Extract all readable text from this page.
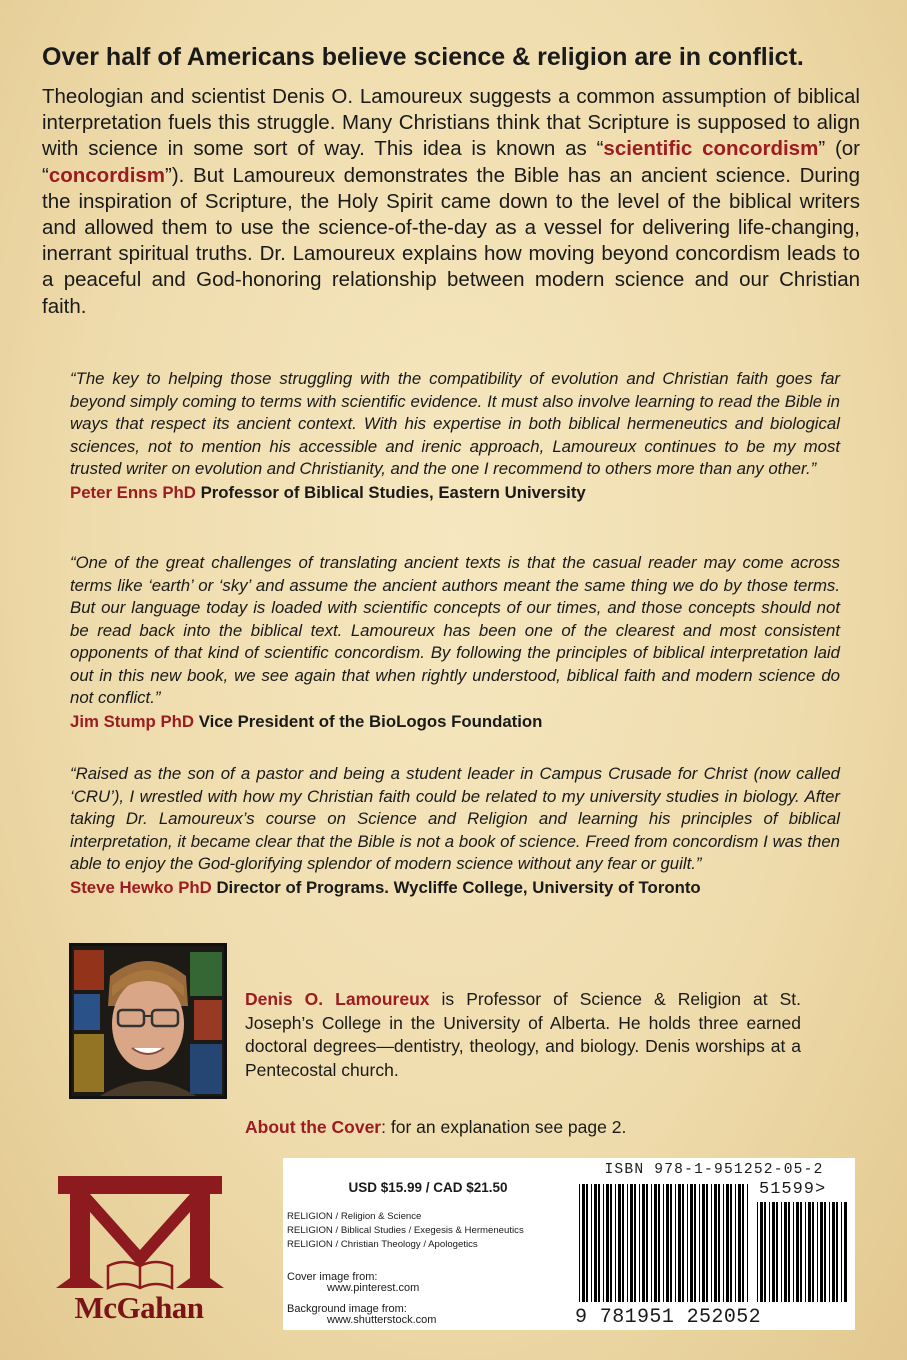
Over half of Americans believe science & religion are in conflict.

Theologian and scientist Denis O. Lamoureux suggests a common assumption of biblical interpretation fuels this struggle. Many Christians think that Scripture is supposed to align with science in some sort of way. This idea is known as “scientific concordism” (or “concordism”). But Lamoureux demonstrates the Bible has an ancient science. During the inspiration of Scripture, the Holy Spirit came down to the level of the biblical writers and allowed them to use the science-of-the-day as a vessel for delivering life-changing, inerrant spiritual truths. Dr. Lamoureux explains how moving beyond concordism leads to a peaceful and God-honoring relationship between modern science and our Christian faith.

“The key to helping those struggling with the compatibility of evolution and Christian faith goes far beyond simply coming to terms with scientific evidence. It must also involve learning to read the Bible in ways that respect its ancient context. With his expertise in both biblical hermeneutics and biological sciences, not to mention his accessible and irenic approach, Lamoureux continues to be my most trusted writer on evolution and Christianity, and the one I recommend to others more than any other.”

Peter Enns PhD Professor of Biblical Studies, Eastern University

“One of the great challenges of translating ancient texts is that the casual reader may come across terms like ‘earth’ or ‘sky’ and assume the ancient authors meant the same thing we do by those terms. But our language today is loaded with scientific concepts of our times, and those concepts should not be read back into the biblical text. Lamoureux has been one of the clearest and most consistent opponents of that kind of scientific concordism. By following the principles of biblical interpretation laid out in this new book, we see again that when rightly understood, biblical faith and modern science do not conflict.”

Jim Stump PhD Vice President of the BioLogos Foundation

“Raised as the son of a pastor and being a student leader in Campus Crusade for Christ (now called ‘CRU’), I wrestled with how my Christian faith could be related to my university studies in biology. After taking Dr. Lamoureux’s course on Science and Religion and learning his principles of biblical interpretation, it became clear that the Bible is not a book of science. Freed from concordism I was then able to enjoy the God-glorifying splendor of modern science without any fear or guilt.”

Steve Hewko PhD Director of Programs. Wycliffe College, University of Toronto

Denis O. Lamoureux is Professor of Science & Religion at St. Joseph’s College in the University of Alberta. He holds three earned doctoral degrees—dentistry, theology, and biology. Denis worships at a Pentecostal church.

About the Cover: for an explanation see page 2.

McGahan
USD $15.99 / CAD $21.50
RELIGION / Religion & Science
RELIGION / Biblical Studies / Exegesis & Hermeneutics
RELIGION / Christian Theology / Apologetics
Cover image from:
www.pinterest.com
Background image from:
www.shutterstock.com
ISBN 978-1-951252-05-2
51599>
9 781951 252052
